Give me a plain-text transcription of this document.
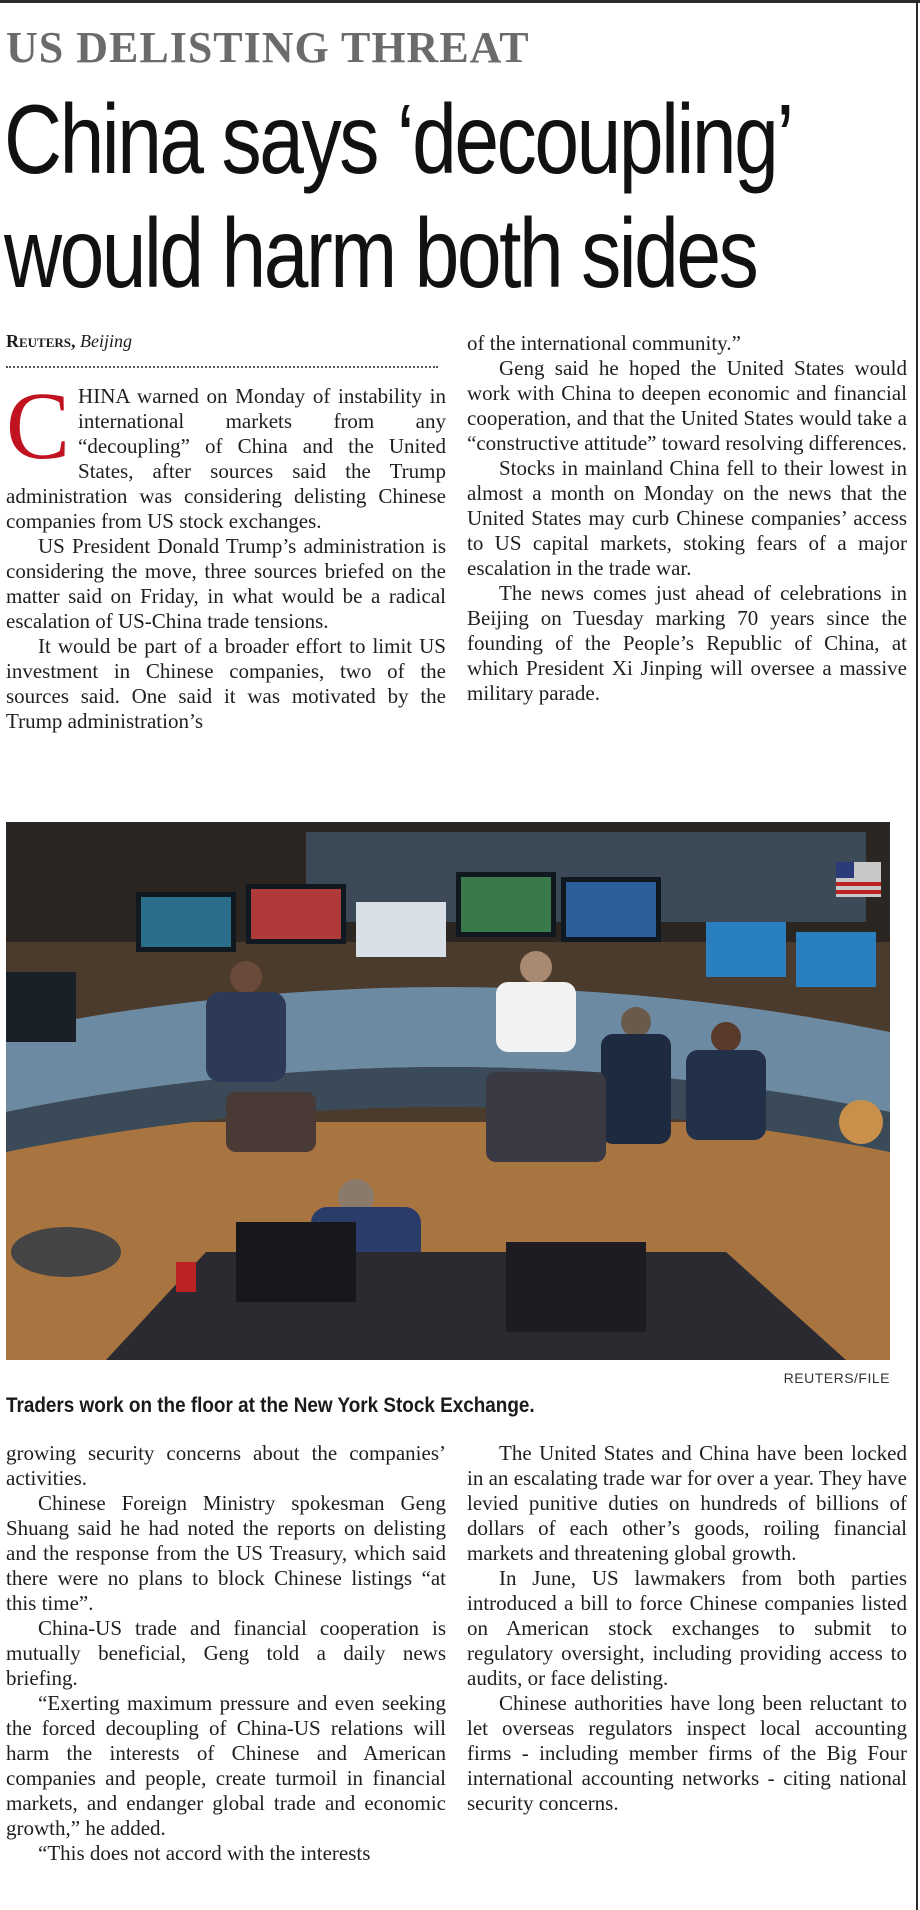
US DELISTING THREAT
China says ‘decoupling’
would harm both sides
Reuters, Beijing

CHINA warned on Monday of instability in international markets from any “decoupling” of China and the United States, after sources said the Trump administration was considering delisting Chinese companies from US stock exchanges.

US President Donald Trump’s administration is considering the move, three sources briefed on the matter said on Friday, in what would be a radical escalation of US-China trade tensions.

It would be part of a broader effort to limit US investment in Chinese companies, two of the sources said. One said it was motivated by the Trump administration’s

of the international community.”

Geng said he hoped the United States would work with China to deepen economic and financial cooperation, and that the United States would take a “constructive attitude” toward resolving differences.

Stocks in mainland China fell to their lowest in almost a month on Monday on the news that the United States may curb Chinese companies’ access to US capital markets, stoking fears of a major escalation in the trade war.

The news comes just ahead of celebrations in Beijing on Tuesday marking 70 years since the founding of the People’s Republic of China, at which President Xi Jinping will oversee a massive military parade.

REUTERS/FILE
Traders work on the floor at the New York Stock Exchange.

growing security concerns about the companies’ activities.

Chinese Foreign Ministry spokesman Geng Shuang said he had noted the reports on delisting and the response from the US Treasury, which said there were no plans to block Chinese listings “at this time”.

China-US trade and financial cooperation is mutually beneficial, Geng told a daily news briefing.

“Exerting maximum pressure and even seeking the forced decoupling of China-US relations will harm the interests of Chinese and American companies and people, create turmoil in financial markets, and endanger global trade and economic growth,” he added.

“This does not accord with the interests

The United States and China have been locked in an escalating trade war for over a year. They have levied punitive duties on hundreds of billions of dollars of each other’s goods, roiling financial markets and threatening global growth.

In June, US lawmakers from both parties introduced a bill to force Chinese companies listed on American stock exchanges to submit to regulatory oversight, including providing access to audits, or face delisting.

Chinese authorities have long been reluctant to let overseas regulators inspect local accounting firms - including member firms of the Big Four international accounting networks - citing national security concerns.
